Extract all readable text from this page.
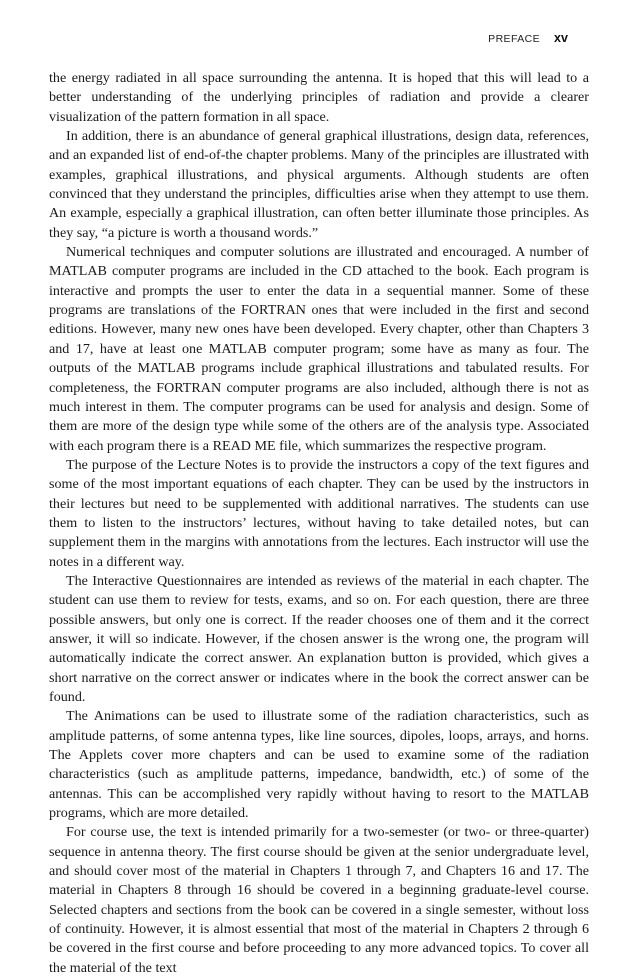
PREFACE xv

the energy radiated in all space surrounding the antenna. It is hoped that this will lead to a better understanding of the underlying principles of radiation and provide a clearer visualization of the pattern formation in all space.

In addition, there is an abundance of general graphical illustrations, design data, references, and an expanded list of end-of-the chapter problems. Many of the principles are illustrated with examples, graphical illustrations, and physical arguments. Although students are often convinced that they understand the principles, difficulties arise when they attempt to use them. An example, especially a graphical illustration, can often better illuminate those principles. As they say, “a picture is worth a thousand words.”

Numerical techniques and computer solutions are illustrated and encouraged. A number of MATLAB computer programs are included in the CD attached to the book. Each program is interactive and prompts the user to enter the data in a sequential manner. Some of these programs are translations of the FORTRAN ones that were included in the first and second editions. However, many new ones have been developed. Every chapter, other than Chapters 3 and 17, have at least one MATLAB computer program; some have as many as four. The outputs of the MATLAB programs include graphical illustrations and tabulated results. For completeness, the FORTRAN computer programs are also included, although there is not as much interest in them. The computer programs can be used for analysis and design. Some of them are more of the design type while some of the others are of the analysis type. Associated with each program there is a READ ME file, which summarizes the respective program.

The purpose of the Lecture Notes is to provide the instructors a copy of the text figures and some of the most important equations of each chapter. They can be used by the instructors in their lectures but need to be supplemented with additional narratives. The students can use them to listen to the instructors’ lectures, without having to take detailed notes, but can supplement them in the margins with annotations from the lectures. Each instructor will use the notes in a different way.

The Interactive Questionnaires are intended as reviews of the material in each chapter. The student can use them to review for tests, exams, and so on. For each question, there are three possible answers, but only one is correct. If the reader chooses one of them and it the correct answer, it will so indicate. However, if the chosen answer is the wrong one, the program will automatically indicate the correct answer. An explanation button is provided, which gives a short narrative on the correct answer or indicates where in the book the correct answer can be found.

The Animations can be used to illustrate some of the radiation characteristics, such as amplitude patterns, of some antenna types, like line sources, dipoles, loops, arrays, and horns. The Applets cover more chapters and can be used to examine some of the radiation characteristics (such as amplitude patterns, impedance, bandwidth, etc.) of some of the antennas. This can be accomplished very rapidly without having to resort to the MATLAB programs, which are more detailed.

For course use, the text is intended primarily for a two-semester (or two- or three-quarter) sequence in antenna theory. The first course should be given at the senior undergraduate level, and should cover most of the material in Chapters 1 through 7, and Chapters 16 and 17. The material in Chapters 8 through 16 should be covered in a beginning graduate-level course. Selected chapters and sections from the book can be covered in a single semester, without loss of continuity. However, it is almost essential that most of the material in Chapters 2 through 6 be covered in the first course and before proceeding to any more advanced topics. To cover all the material of the text
